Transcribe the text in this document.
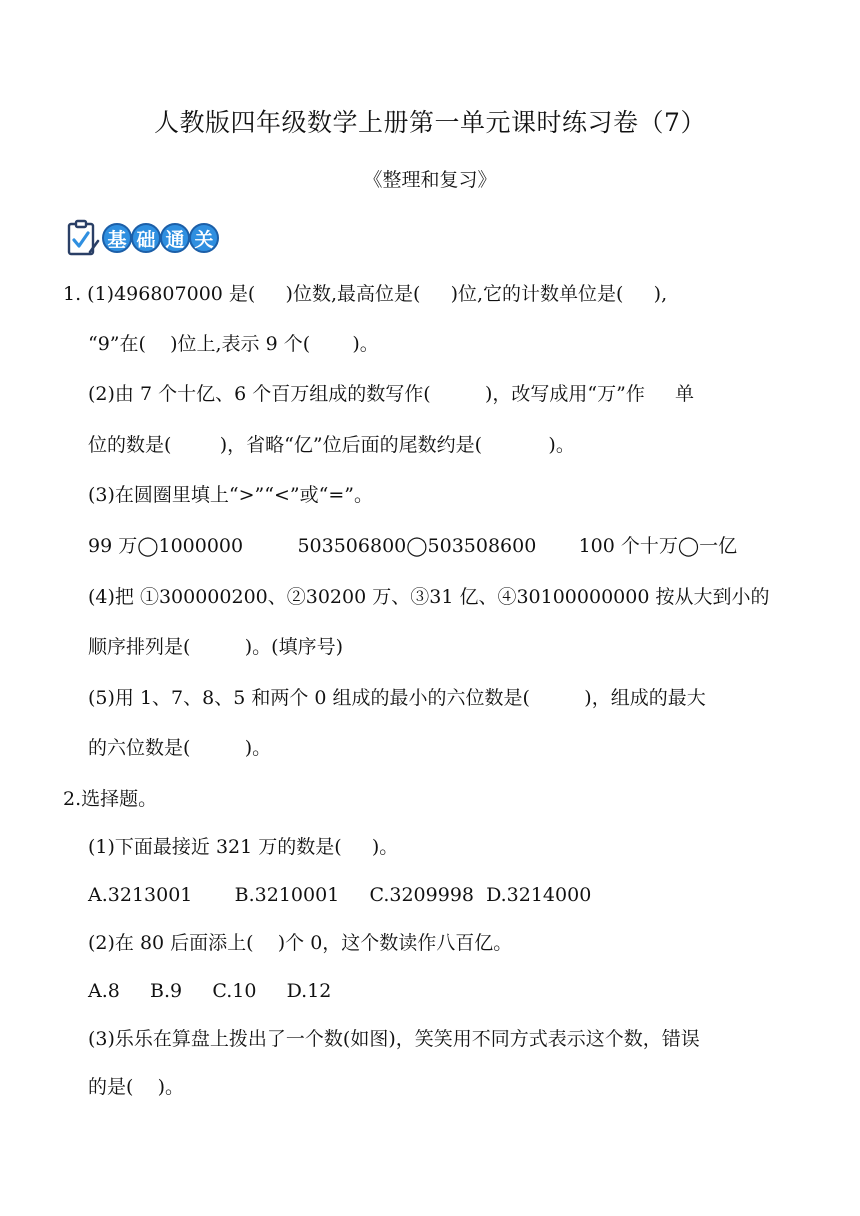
人教版四年级数学上册第一单元课时练习卷（7）
《整理和复习》
基 础 通 关
1. (1)496807000 是(     )位数,最高位是(     )位,它的计数单位是(     ),
“9”在(    )位上,表示 9 个(       )。
(2)由 7 个十亿、6 个百万组成的数写作(         )，改写成用“万”作     单
位的数是(        )，省略“亿”位后面的尾数约是(           )。
(3)在圆圈里填上“>”“<”或“=”。
99 万◯1000000         503506800◯503508600       100 个十万◯一亿
(4)把 ①300000200、②30200 万、③31 亿、④30100000000 按从大到小的
顺序排列是(         )。(填序号)
(5)用 1、7、8、5 和两个 0 组成的最小的六位数是(         )，组成的最大
的六位数是(         )。
2.选择题。
(1)下面最接近 321 万的数是(     )。
A.3213001       B.3210001     C.3209998  D.3214000
(2)在 80 后面添上(    )个 0，这个数读作八百亿。
A.8     B.9     C.10     D.12
(3)乐乐在算盘上拨出了一个数(如图)，笑笑用不同方式表示这个数，错误
的是(    )。
